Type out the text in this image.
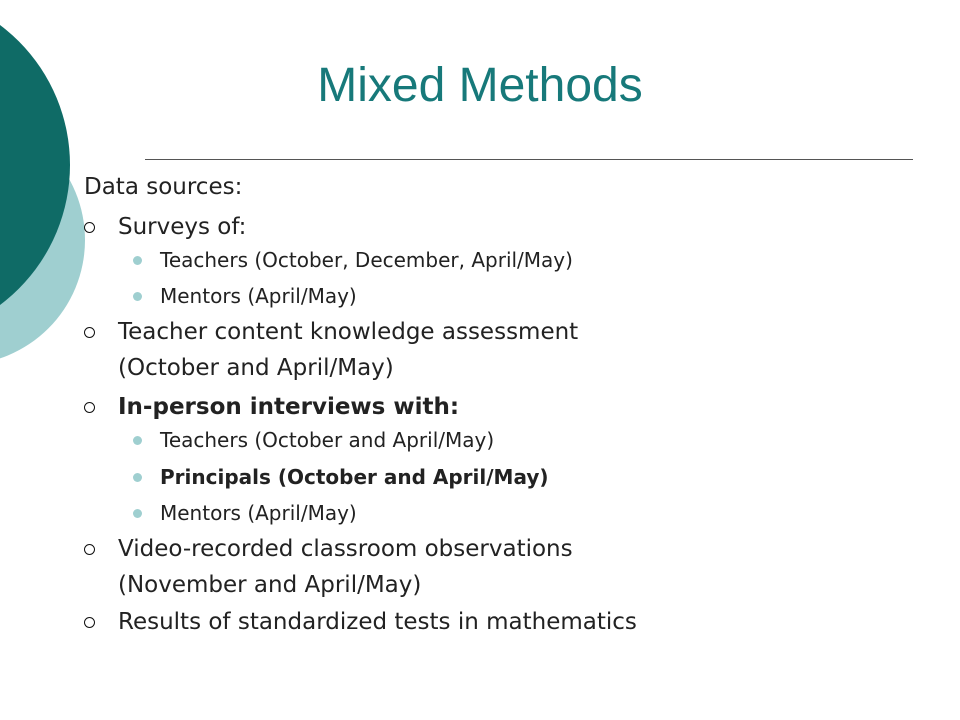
Mixed Methods
Data sources:
Surveys of:
Teachers (October, December, April/May)
Mentors (April/May)
Teacher content knowledge assessment
(October and April/May)
In-person interviews with:
Teachers (October and April/May)
Principals (October and April/May)
Mentors (April/May)
Video-recorded classroom observations
(November and April/May)
Results of standardized tests in mathematics
